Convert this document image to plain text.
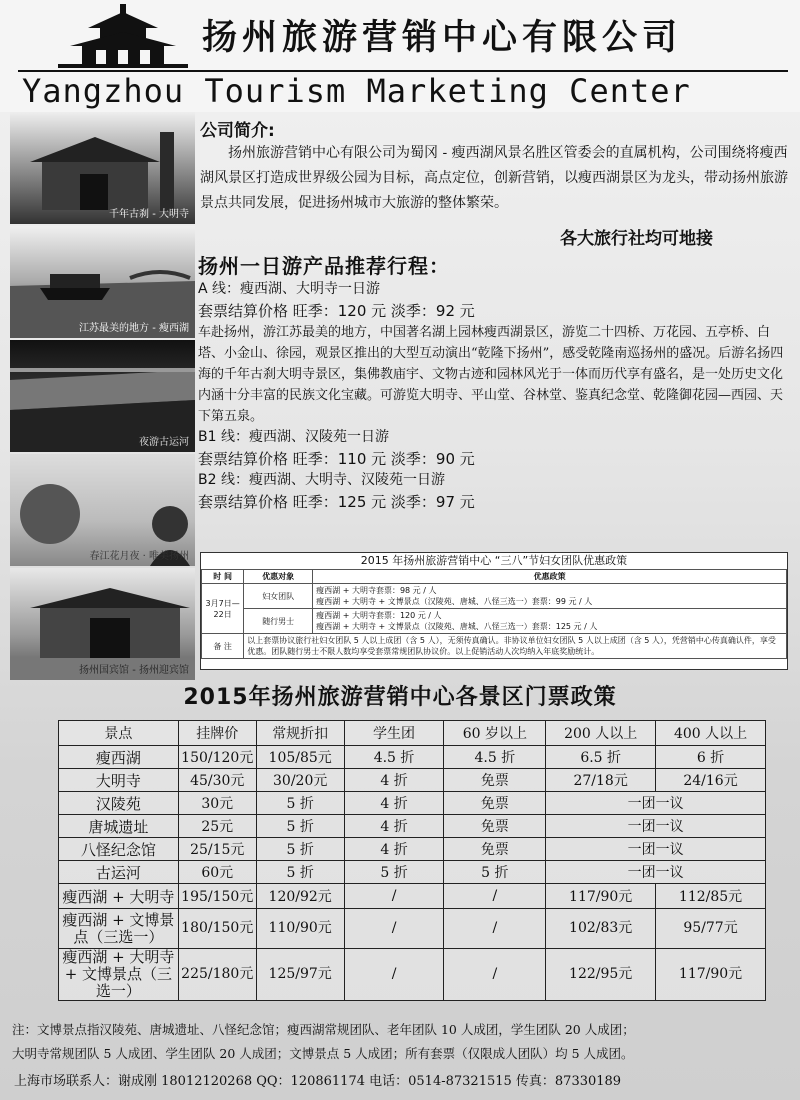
扬州旅游营销中心有限公司
Yangzhou Tourism Marketing Center
千年古刹 - 大明寺
江苏最美的地方 - 瘦西湖
夜游古运河
春江花月夜 · 唯美扬州
扬州国宾馆 - 扬州迎宾馆
公司简介:
扬州旅游营销中心有限公司为蜀冈 - 瘦西湖风景名胜区管委会的直属机构，公司围绕将瘦西湖风景区打造成世界级公园为目标，高点定位，创新营销，以瘦西湖景区为龙头，带动扬州旅游景点共同发展，促进扬州城市大旅游的整体繁荣。
各大旅行社均可地接
扬州一日游产品推荐行程：
A 线：瘦西湖、大明寺一日游
套票结算价格 旺季：120 元 淡季：92 元
车赴扬州，游江苏最美的地方，中国著名湖上园林瘦西湖景区，游览二十四桥、万花园、五亭桥、白塔、小金山、徐园，观景区推出的大型互动演出“乾隆下扬州”，感受乾隆南巡扬州的盛况。后游名扬四海的千年古刹大明寺景区，集佛教庙宇、文物古迹和园林风光于一体而历代享有盛名，是一处历史文化内涵十分丰富的民族文化宝藏。可游览大明寺、平山堂、谷林堂、鉴真纪念堂、乾隆御花园—西园、天下第五泉。
B1 线：瘦西湖、汉陵苑一日游
套票结算价格 旺季：110 元 淡季：90 元
B2 线：瘦西湖、大明寺、汉陵苑一日游
套票结算价格 旺季：125 元 淡季：97 元
2015 年扬州旅游营销中心 “三八”节妇女团队优惠政策
时 间	优惠对象	优惠政策
3月7日—22日	妇女团队	瘦西湖 + 大明寺套票：98 元 / 人
瘦西湖 + 大明寺 + 文博景点（汉陵苑、唐城、八怪三选一）套票：99 元 / 人

	随行男士	瘦西湖 + 大明寺套票：120 元 / 人
瘦西湖 + 大明寺 + 文博景点（汉陵苑、唐城、八怪三选一）套票：125 元 / 人

备 注	以上套票协议旅行社妇女团队 5 人以上成团（含 5 人），无须传真确认。非协议单位妇女团队 5 人以上成团（含 5 人），凭营销中心传真确认件，享受优惠。团队随行男士不限人数均享受套票常规团队协议价。以上促销活动人次均纳入年底奖励统计。	
2015年扬州旅游营销中心各景区门票政策
景点	挂牌价	常规折扣	学生团	60 岁以上	200 人以上	400 人以上
瘦西湖	150/120元	105/85元	4.5 折	4.5 折	6.5 折	6 折
大明寺	45/30元	30/20元	4 折	免票	27/18元	24/16元
汉陵苑	30元	5 折	4 折	免票	一团一议	
唐城遗址	25元	5 折	4 折	免票	一团一议	
八怪纪念馆	25/15元	5 折	4 折	免票	一团一议	
古运河	60元	5 折	5 折	5 折	一团一议	
瘦西湖 + 大明寺	195/150元	120/92元	/	/	117/90元	112/85元
瘦西湖 + 文博景点（三选一）	180/150元	110/90元	/	/	102/83元	95/77元
瘦西湖 + 大明寺 + 文博景点（三选一）	225/180元	125/97元	/	/	122/95元	117/90元
注：文博景点指汉陵苑、唐城遗址、八怪纪念馆；瘦西湖常规团队、老年团队 10 人成团，学生团队 20 人成团；
大明寺常规团队 5 人成团、学生团队 20 人成团；文博景点 5 人成团；所有套票（仅限成人团队）均 5 人成团。
上海市场联系人：谢成刚 18012120268 QQ：120861174 电话：0514-87321515 传真：87330189
